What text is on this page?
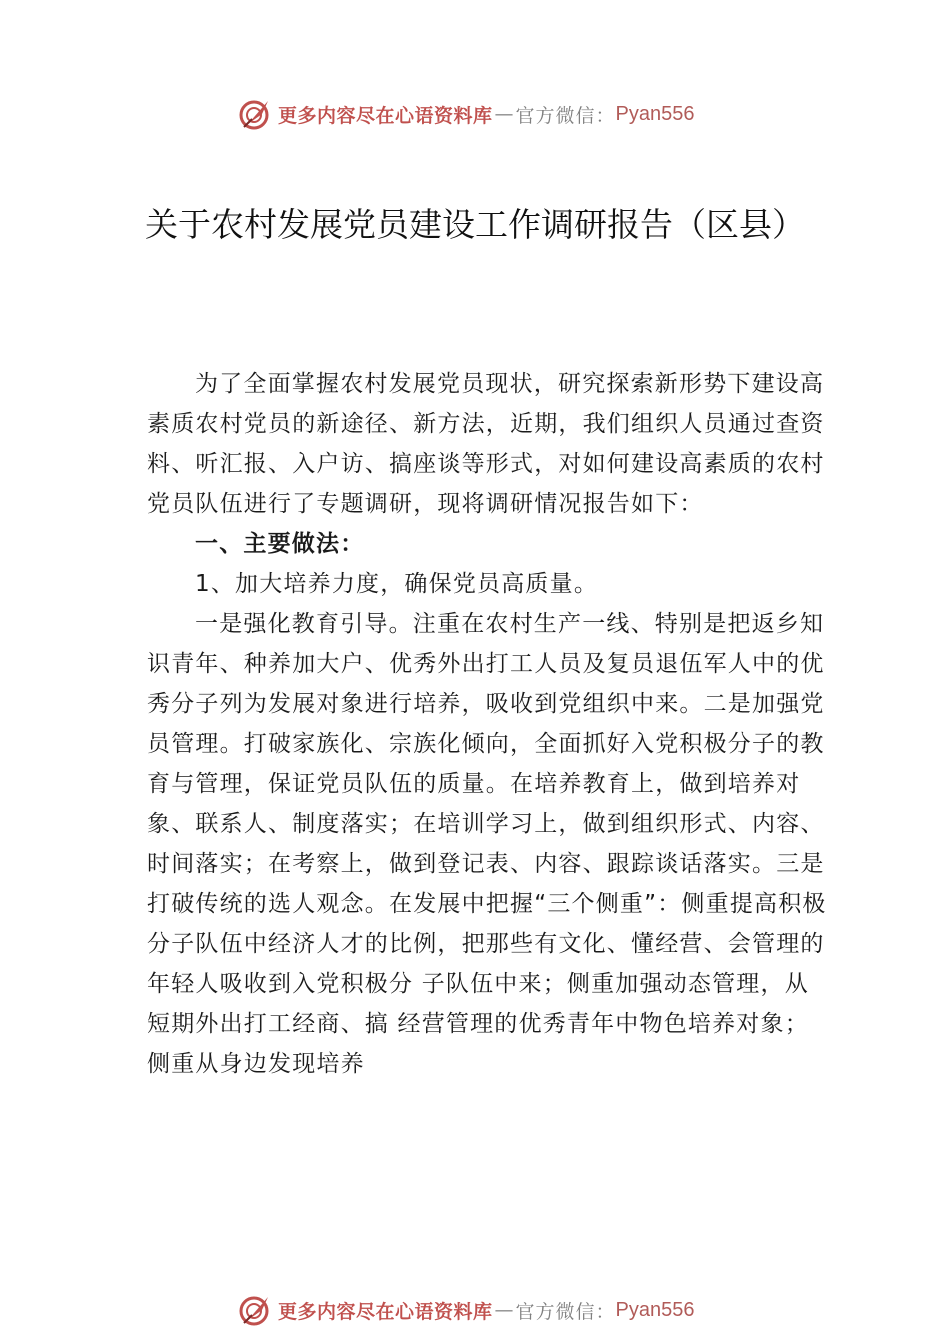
更多内容尽在心语资料库 — 官方微信： Pyan556
关于农村发展党员建设工作调研报告（区县）

为了全面掌握农村发展党员现状，研究探索新形势下建设高素质农村党员的新途径、新方法，近期，我们组织人员通过查资料、听汇报、入户访、搞座谈等形式，对如何建设高素质的农村党员队伍进行了专题调研，现将调研情况报告如下：

一、主要做法：

1、加大培养力度，确保党员高质量。

一是强化教育引导。注重在农村生产一线、特别是把返乡知识青年、种养加大户、优秀外出打工人员及复员退伍军人中的优秀分子列为发展对象进行培养，吸收到党组织中来。二是加强党员管理。打破家族化、宗族化倾向，全面抓好入党积极分子的教育与管理，保证党员队伍的质量。在培养教育上，做到培养对象、联系人、制度落实；在培训学习上，做到组织形式、内容、时间落实；在考察上，做到登记表、内容、跟踪谈话落实。三是打破传统的选人观念。在发展中把握“三个侧重”：侧重提高积极分子队伍中经济人才的比例，把那些有文化、懂经营、会管理的年轻人吸收到入党积极分 子队伍中来；侧重加强动态管理，从短期外出打工经商、搞 经营管理的优秀青年中物色培养对象；侧重从身边发现培养

更多内容尽在心语资料库 — 官方微信： Pyan556
